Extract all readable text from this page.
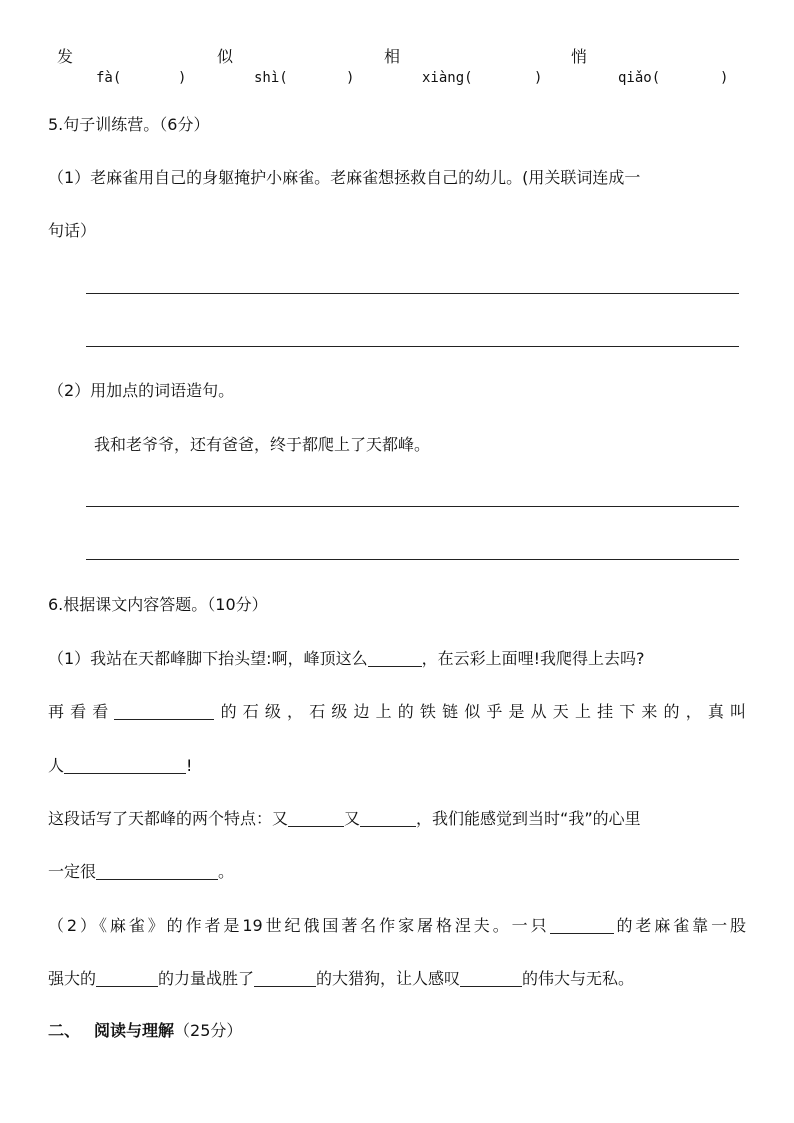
发	似	相	悄
fà(	)	shì(	)	xiàng(	)	qiǎo(	)
5.句子训练营。（6分）
（1）老麻雀用自己的身躯掩护小麻雀。老麻雀想拯救自己的幼儿。(用关联词连成一
句话）
（2）用加点的词语造句。
我和老爷爷，还有爸爸，终于都爬上了天都峰。
6.根据课文内容答题。（10分）
（1）我站在天都峰脚下抬头望:啊，峰顶这么	，在云彩上面哩!我爬得上去吗?
再看看	的石级，石级边上的铁链似乎是从天上挂下来的，真叫
人	!
这段话写了天都峰的两个特点：又	又	，我们能感觉到当时“我”的心里
一定很	。
（2）《麻雀》的作者是19世纪俄国著名作家屠格涅夫。一只	的老麻雀靠一股
强大的	的力量战胜了	的大猎狗，让人感叹	的伟大与无私。
二、 阅读与理解（25分）
